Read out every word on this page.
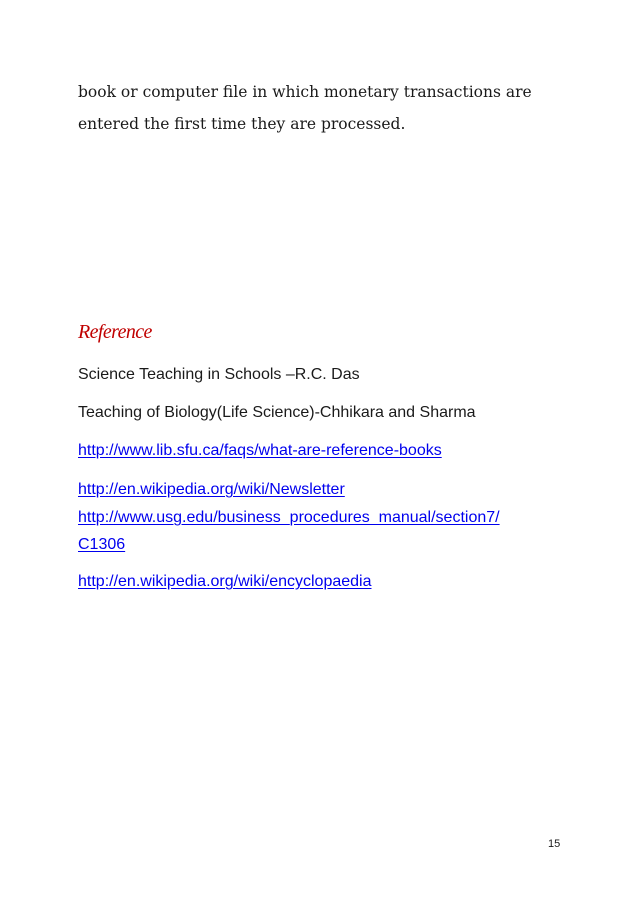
book or computer file in which monetary transactions are
entered the first time they are processed.
Reference
Science Teaching in Schools –R.C. Das
Teaching of Biology(Life Science)-Chhikara and Sharma
http://www.lib.sfu.ca/faqs/what-are-reference-books
http://en.wikipedia.org/wiki/Newsletter
http://www.usg.edu/business_procedures_manual/section7/
C1306
http://en.wikipedia.org/wiki/encyclopaedia
15
